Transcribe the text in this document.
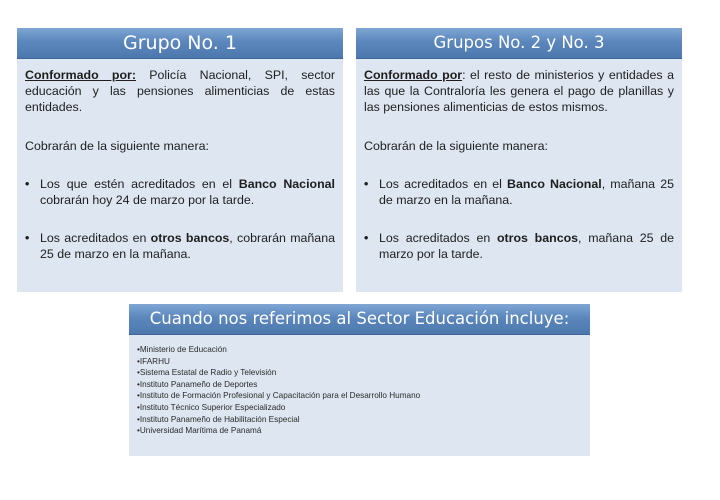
Grupo No. 1

Conformado por: Policía Nacional, SPI, sector educación y las pensiones alimenticias de estas entidades.

Cobrarán de la siguiente manera:

• Los que estén acreditados en el Banco Nacional cobrarán hoy 24 de marzo por la tarde.
• Los acreditados en otros bancos, cobrarán mañana 25 de marzo en la mañana.
Grupos No. 2 y No. 3

Conformado por: el resto de ministerios y entidades a las que la Contraloría les genera el pago de planillas y las pensiones alimenticias de estos mismos.

Cobrarán de la siguiente manera:

• Los acreditados en el Banco Nacional, mañana 25 de marzo en la mañana.
• Los acreditados en otros bancos, mañana 25 de marzo por la tarde.
Cuando nos referimos al Sector Educación incluye:
•Ministerio de Educación
•IFARHU
•Sistema Estatal de Radio y Televisión
•Instituto Panameño de Deportes
•Instituto de Formación Profesional y Capacitación para el Desarrollo Humano
•Instituto Técnico Superior Especializado
•Instituto Panameño de Habilitación Especial
•Universidad Marítima de Panamá
